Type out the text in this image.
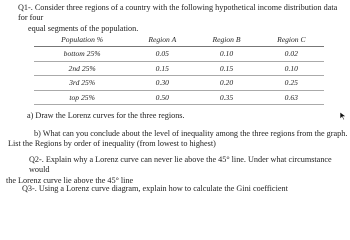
Q1-. Consider three regions of a country with the following hypothetical income distribution data for four
equal segments of the population.
Population %	Region A	Region B	Region C
bottom 25%	0.05	0.10	0.02
2nd 25%	0.15	0.15	0.10
3rd 25%	0.30	0.20	0.25
top 25%	0.50	0.35	0.63
a) Draw the Lorenz curves for the three regions.
b) What can you conclude about the level of inequality among the three regions from the graph.
List the Regions by order of inequality (from lowest to highest)
Q2-. Explain why a Lorenz curve can never lie above the 45° line. Under what circumstance would
the Lorenz curve lie above the 45° line
Q3-. Using a Lorenz curve diagram, explain how to calculate the Gini coefficient
